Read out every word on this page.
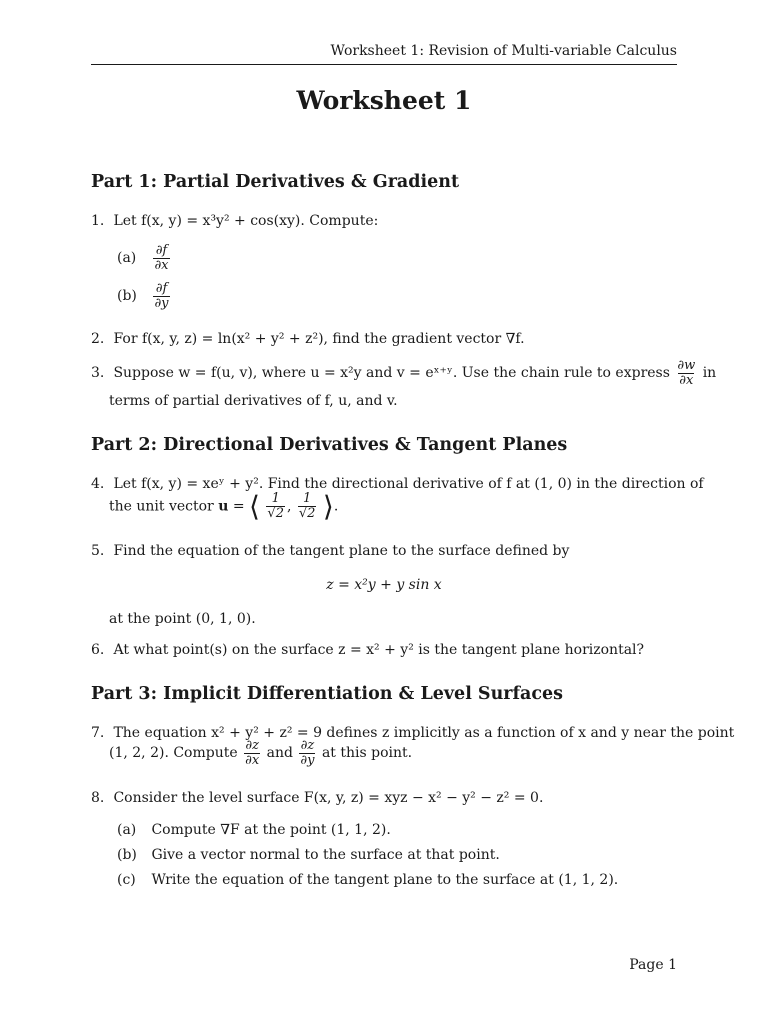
Worksheet 1: Revision of Multi-variable Calculus
Worksheet 1
Part 1: Partial Derivatives & Gradient
1. Let f(x, y) = x³y² + cos(xy). Compute:
$(a) \frac{\partial f}{\partial x}$
$(b) \frac{\partial f}{\partial y}$
2. For f(x, y, z) = ln(x² + y² + z²), find the gradient vector ∇f.
3. Suppose w = f(u, v), where u = x²y and v = eˣ⁺ʸ. Use the chain rule to express $\frac{\partial w}{\partial x}$ in
terms of partial derivatives of f, u, and v.
Part 2: Directional Derivatives & Tangent Planes
4. Let f(x, y) = xeʸ + y². Find the directional derivative of f at (1, 0) in the direction of
the unit vector u = ⟨ $\frac{1}{√2}$ , $\frac{1}{√2}$ ⟩.
5. Find the equation of the tangent plane to the surface defined by
z = x²y + y sin x
at the point (0, 1, 0).
6. At what point(s) on the surface z = x² + y² is the tangent plane horizontal?
Part 3: Implicit Differentiation & Level Surfaces
7. The equation x² + y² + z² = 9 defines z implicitly as a function of x and y near the point
(1, 2, 2). Compute $\frac{\partial z}{\partial x}$ and $\frac{\partial z}{\partial y}$ at this point.
8. Consider the level surface F(x, y, z) = xyz − x² − y² − z² = 0.
(a) Compute ∇F at the point (1, 1, 2).
(b) Give a vector normal to the surface at that point.
(c) Write the equation of the tangent plane to the surface at (1, 1, 2).
Page 1
